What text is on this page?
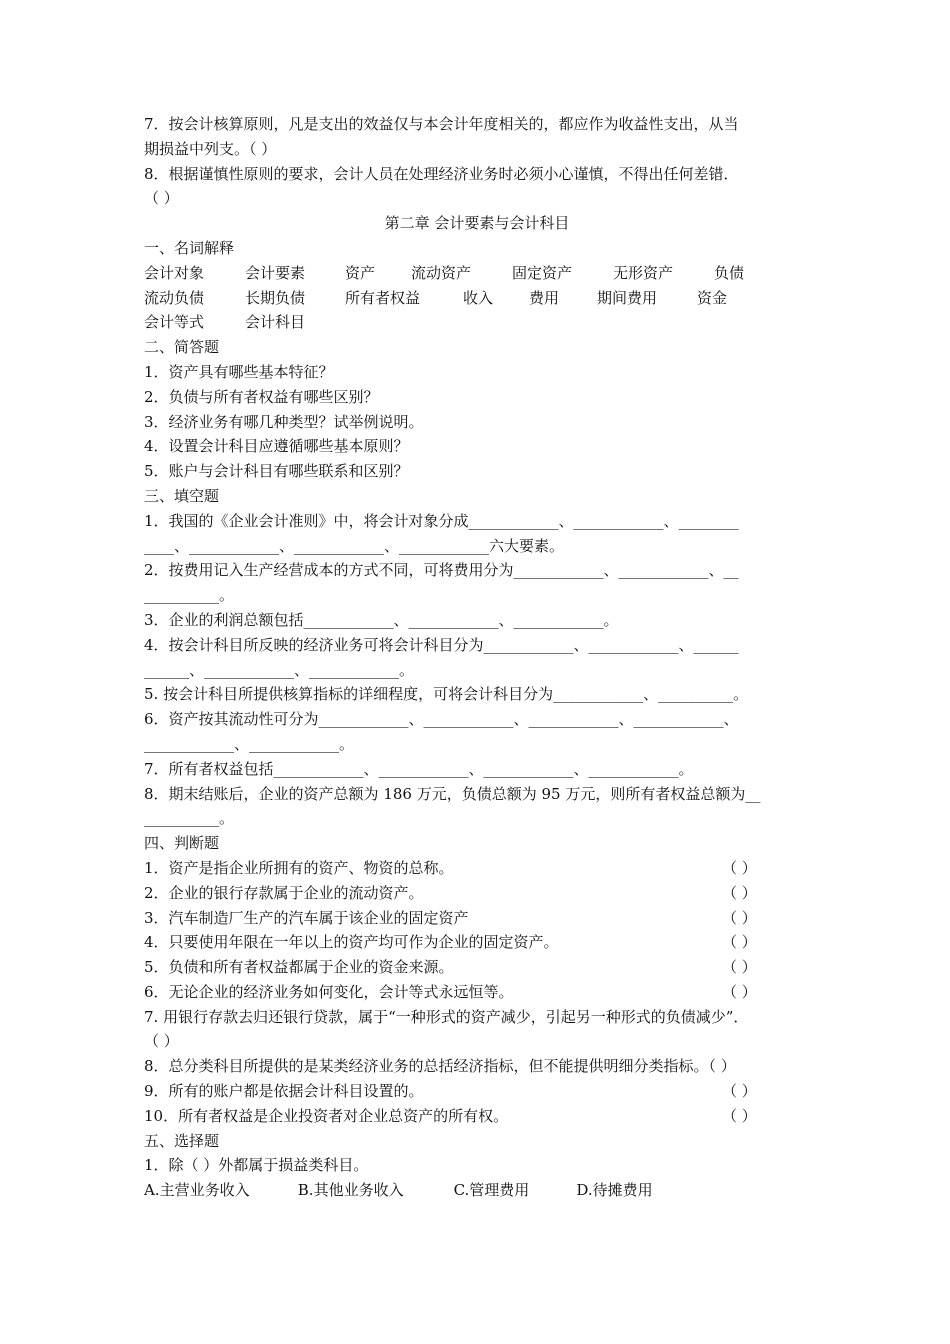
7．按会计核算原则，凡是支出的效益仅与本会计年度相关的，都应作为收益性支出，从当
期损益中列支。（ ）
8．根据谨慎性原则的要求，会计人员在处理经济业务时必须小心谨慎，不得出任何差错．
（ ）
第二章 会计要素与会计科目
一、名词解释
会计对象	会计要素	资产	流动资产	固定资产	无形资产	负债
流动负债	长期负债	所有者权益	收入	费用	期间费用	资金
会计等式	会计科目
二、简答题
1．资产具有哪些基本特征？
2．负债与所有者权益有哪些区别？
3．经济业务有哪几种类型？试举例说明。
4．设置会计科目应遵循哪些基本原则？
5．账户与会计科目有哪些联系和区别？
三、填空题
1．我国的《企业会计准则》中，将会计对象分成____________、____________、________
____、____________、____________、____________六大要素。
2．按费用记入生产经营成本的方式不同，可将费用分为____________、____________、__
__________。
3．企业的利润总额包括____________、____________、____________。
4．按会计科目所反映的经济业务可将会计科目分为____________、____________、______
______、____________、____________。
5. 按会计科目所提供核算指标的详细程度，可将会计科目分为____________、__________。
6．资产按其流动性可分为____________、____________、____________、____________、
____________、____________。
7．所有者权益包括____________、____________、____________、____________。
8．期末结账后，企业的资产总额为 186 万元，负债总额为 95 万元，则所有者权益总额为__
__________。
四、判断题
1．资产是指企业所拥有的资产、物资的总称。	（ ）
2．企业的银行存款属于企业的流动资产。	（ ）
3．汽车制造厂生产的汽车属于该企业的固定资产	（ ）
4．只要使用年限在一年以上的资产均可作为企业的固定资产。	（ ）
5．负债和所有者权益都属于企业的资金来源。	（ ）
6．无论企业的经济业务如何变化，会计等式永远恒等。	（ ）
7. 用银行存款去归还银行贷款，属于“一种形式的资产减少，引起另一种形式的负债减少”．
（ ）
8．总分类科目所提供的是某类经济业务的总括经济指标，但不能提供明细分类指标。（ ）
9．所有的账户都是依据会计科目设置的。	（ ）
10．所有者权益是企业投资者对企业总资产的所有权。	（ ）
五、选择题
1．除（ ）外都属于损益类科目。
A.主营业务收入	B.其他业务收入	C.管理费用	D.待摊费用
